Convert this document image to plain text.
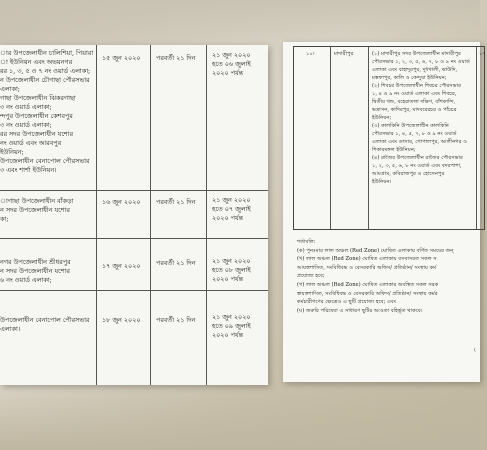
ার উপজেলাধীন চালিশিয়া, পিয়ারা

া ইউনিয়ন এবং অভয়নগর

রর ১, ৩, ৫ ও ৭ নং ওয়ার্ড এলাকা;

ন উপজেলাধীন চৌগাছা পৌরসভার

এলাকা;

গাছা উপজেলাধীন ঝিকরগাছা

৩ নং ওয়ার্ড এলাকা;

ন্দপুর উপজেলাধীন কেশবপুর

৩ নং ওয়ার্ড এলাকা;

রর সদর উপজেলাধীন যশোর

নং ওয়ার্ড এবং আরবপুর

ইউনিয়ন;

উপজেলাধীন বেনাপোল পৌরসভার

৩ এবং শার্শা ইউনিয়ন।

১৫ জুন ২০২০ পরবর্তী ২১ দিন	২১ জুন ২০২০

হতে ০৬ জুলাই

২০২০ পর্যন্ত

াগাছা উপজেলাধীন বাঁকড়া

ন সদর উপজেলাধীন যশোর

কা;

১৬ জুন ২০২০ পরবর্তী ২১ দিন	২১ জুন ২০২০

হতে ০৭ জুলাই

২০২০ পর্যন্ত

নগর উপজেলাধীন শ্রীধরপুর

ন সদর উপজেলাধীন যশোর

৬ নং ওয়ার্ড এলাকা;

১৭ জুন ২০২০ পরবর্তী ২১ দিন	২১ জুন ২০২০

হতে ০৮ জুলাই

২০২০ পর্যন্ত

উপজেলাধীন বেনাপোল পৌরসভার

এলাকা।

১৮ জুন ২০২০ পরবর্তী ২১ দিন	২১ জুন ২০২০

হতে ০৯ জুলাই

২০২০ পর্যন্ত

১০।	মাদারীপুর	১৭

(১) মাদারীপুর সদর উপজেলাধীন মাদারীপুর

পৌরসভার ১, ২, ৩, ৫, ৬, ৭, ৮ ও ৯ নং ওয়ার্ড

এলাকা এবং বাহাদুরপুর, দুধখালী, ঝাউদি,

মস্তফাপুর, কালি ও কেন্দুয়া ইউনিয়ন;

(২) শিবচর উপজেলাধীন শিবচর পৌরসভার

১, ৪ ও ৯ নং ওয়ার্ড এলাকা এবং শিবচর,

দ্বিতীয় খন্ড, বহেরাতলা দক্ষিণ, বাঁশকান্দি,

ভদ্রাসন, কাদিরপুর, মাদবরেরচর ও পাঁচচর

ইউনিয়ন;

(৩) কালকিনি উপজেলাধীন কালকিনি

পৌরসভার ১, ৪, ৫, ৭, ৮ ও ৯ নং ওয়ার্ড

এলাকা এবং ডাসার, গোপালপুর, আলীনগর ও

শিকারমঙ্গল ইউনিয়ন;

(৪) রাজৈর উপজেলাধীন রাজৈর পৌরসভার

১, ২, ৩, ৫, ৬, ৮ নং ওয়ার্ড এবং বদরপাশা,

আমগ্রাম, কবিরাজপুর ও হোসেনপুর

ইউনিয়ন।

শর্তাবলি:

(ক) পুনঃমার লাল অঞ্চল (Red Zone) ঘোষিত এলাকায় বর্ণিত সময়ের জন্

(খ) লাল অঞ্চল (Red Zone) ঘোষিত এলাকায় বসবাসরত সকল স

আয়ত্তশাসিত, সংবিধিবদ্ধ ও বেসরকারি অফিস/ প্রতিষ্ঠান/ সংস্থায় কর্ম

প্রযোজ্য হবে;

(গ) লাল অঞ্চল (Red Zone) ঘোষিত এলাকার অবস্থিত সকল সরক

স্বায়ত্তশাসিত, সংবিধিবদ্ধ ও বেসরকারি অফিস/ প্রতিষ্ঠান/ সংস্থায় কর্মর

কর্মচারীগণের ক্ষেত্রেও এ ছুটি প্রযোজ্য হবে; এবং

(ঘ) জরুরি পরিষেবা এ সাধারণ ছুটির আওতা বহির্ভূত থাকবে।

(
